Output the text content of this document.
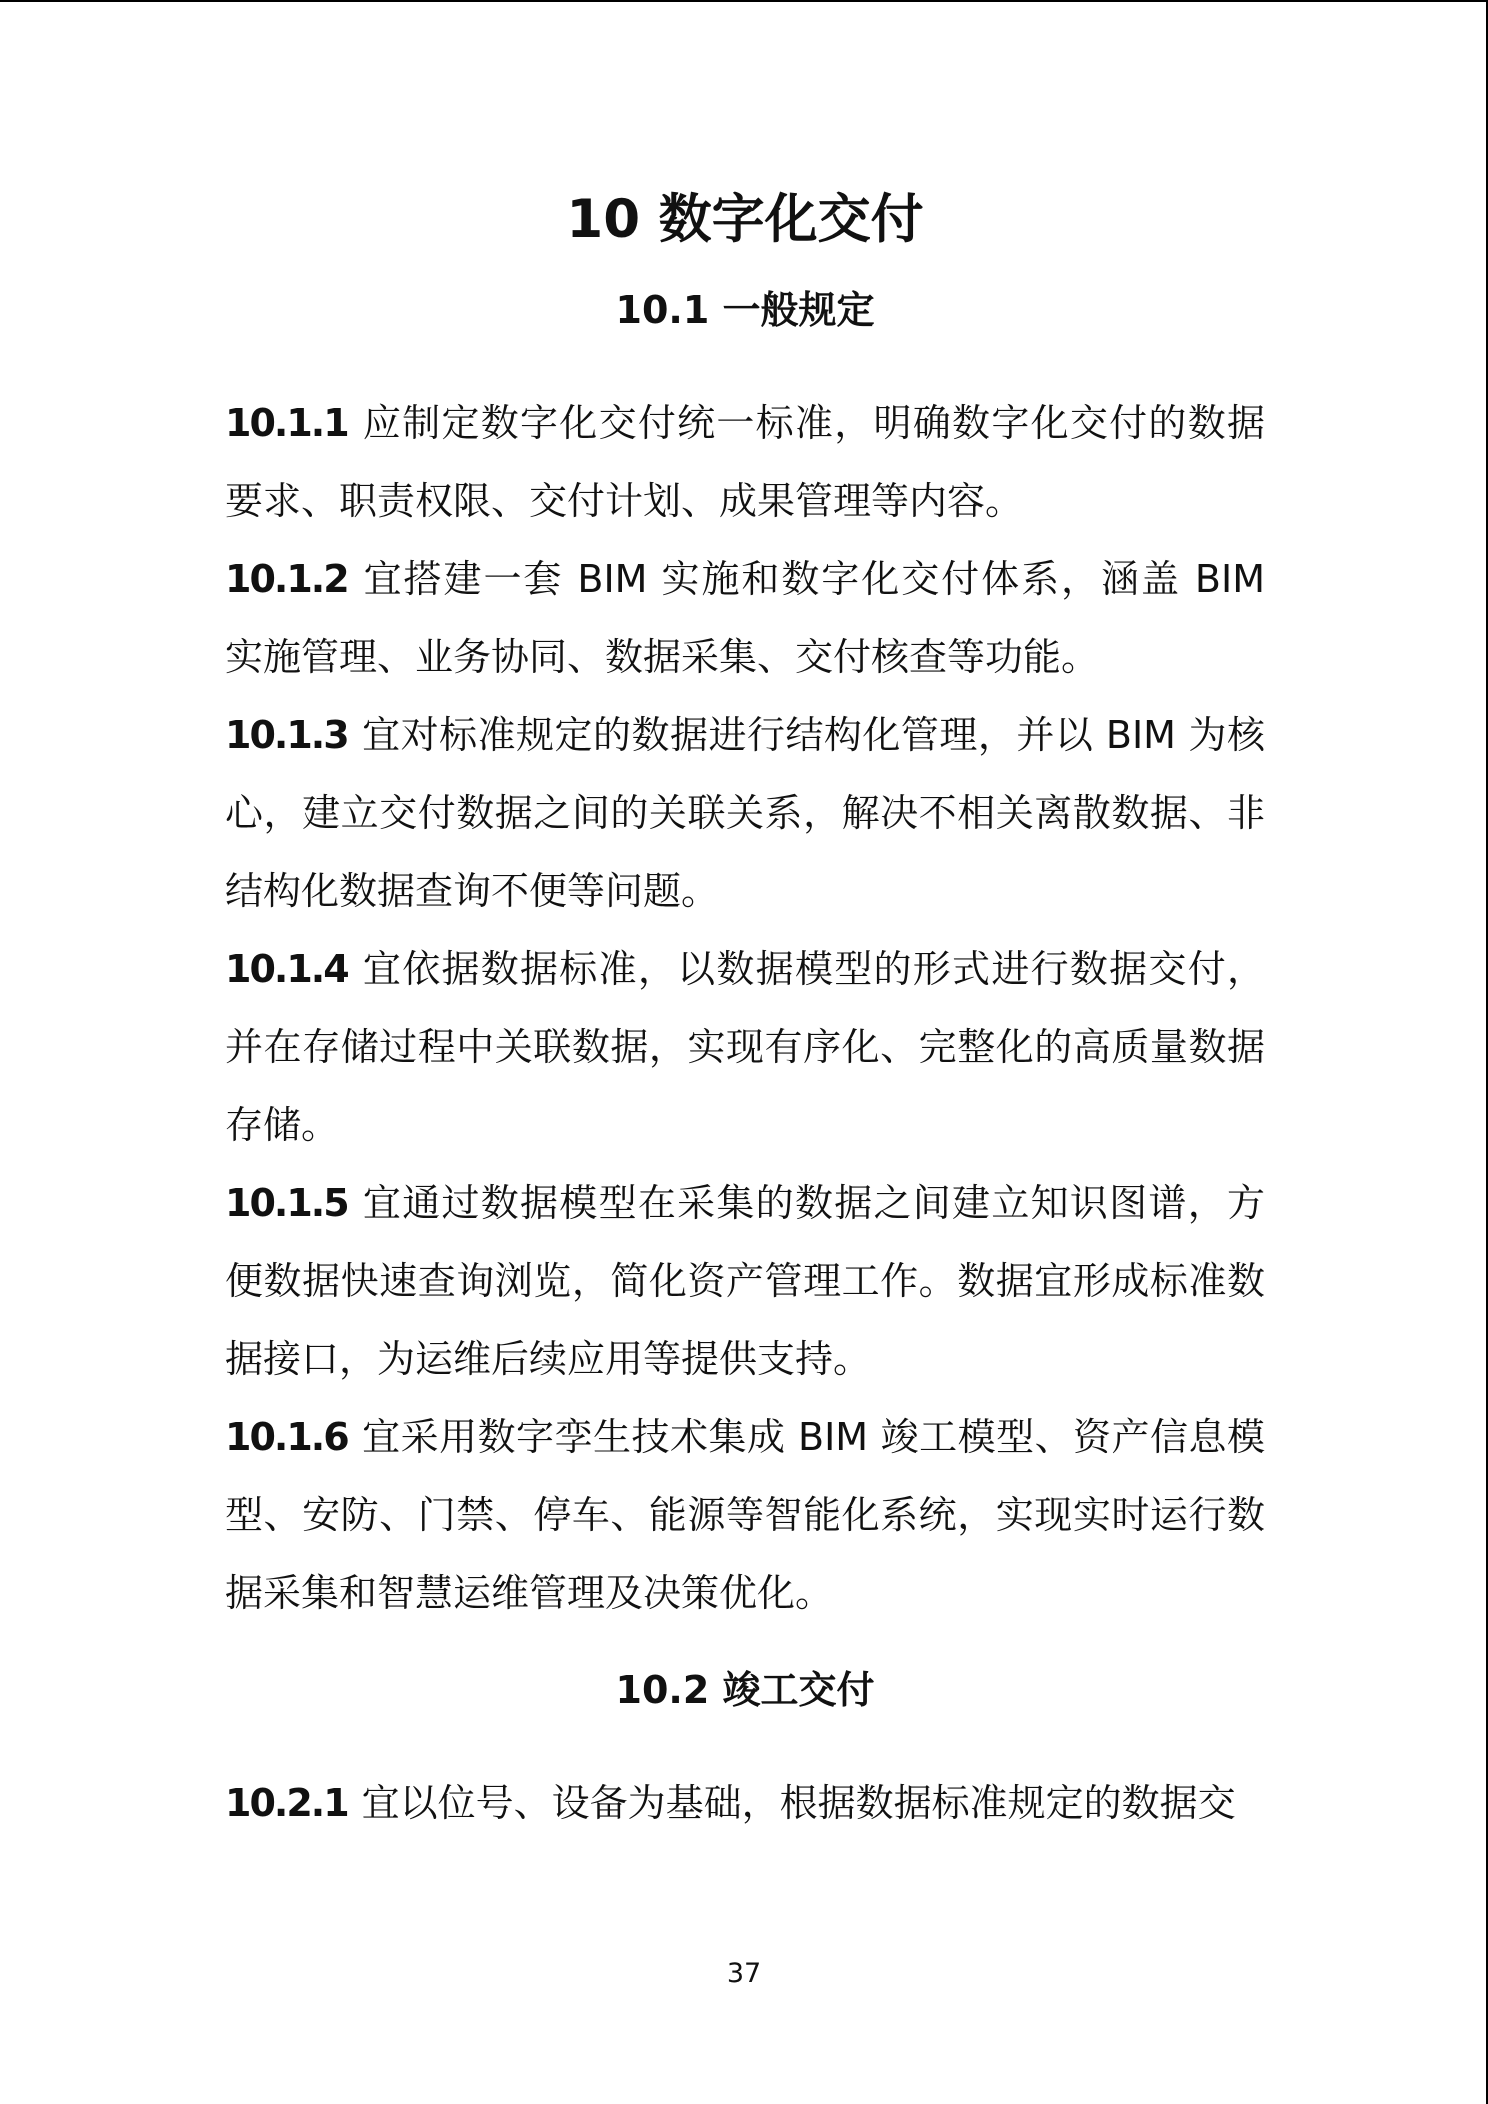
10 数字化交付
10.1 一般规定

10.1.1 应制定数字化交付统一标准，明确数字化交付的数据要求、职责权限、交付计划、成果管理等内容。

10.1.2 宜搭建一套 BIM 实施和数字化交付体系，涵盖 BIM 实施管理、业务协同、数据采集、交付核查等功能。

10.1.3 宜对标准规定的数据进行结构化管理，并以 BIM 为核心，建立交付数据之间的关联关系，解决不相关离散数据、非结构化数据查询不便等问题。

10.1.4 宜依据数据标准，以数据模型的形式进行数据交付，并在存储过程中关联数据，实现有序化、完整化的高质量数据存储。

10.1.5 宜通过数据模型在采集的数据之间建立知识图谱，方便数据快速查询浏览，简化资产管理工作。数据宜形成标准数据接口，为运维后续应用等提供支持。

10.1.6 宜采用数字孪生技术集成 BIM 竣工模型、资产信息模型、安防、门禁、停车、能源等智能化系统，实现实时运行数据采集和智慧运维管理及决策优化。

10.2 竣工交付

10.2.1 宜以位号、设备为基础，根据数据标准规定的数据交

37
